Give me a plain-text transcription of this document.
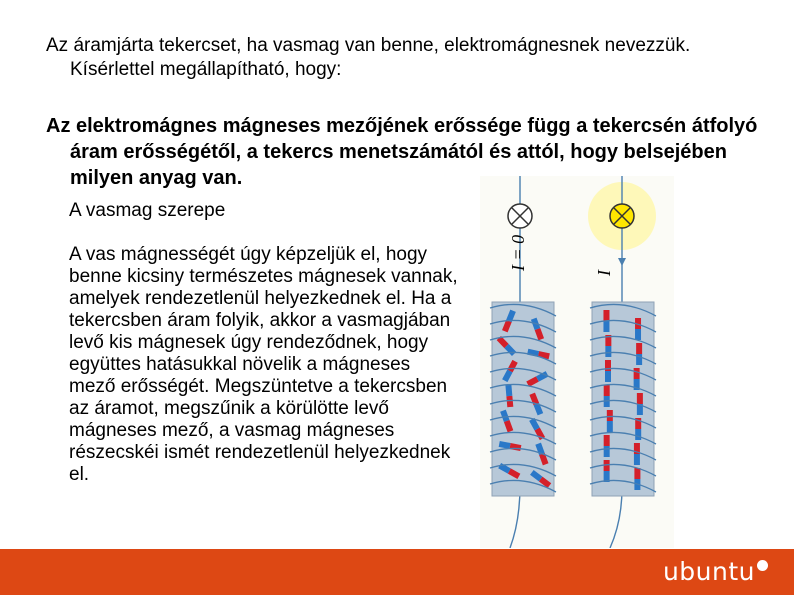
Az áramjárta tekercset, ha vasmag van benne, elektromágnesnek nevezzük. Kísérlettel megállapítható, hogy:

Az elektromágnes mágneses mezőjének erőssége függ a tekercsén átfolyó áram erősségétől, a tekercs menetszámától és attól, hogy belsejében milyen anyag van.

A vasmag szerepe

A vas mágnességét úgy képzeljük el, hogy benne kicsiny természetes mágnesek vannak, amelyek rendezetlenül helyezkednek el. Ha a tekercsben áram folyik, akkor a vasmagjában levő kis mágnesek úgy rendeződnek, hogy együttes hatásukkal növelik a mágneses mező erősségét. Megszüntetve a tekercsben az áramot, megszűnik a körülötte levő mágneses mező, a vasmag mágneses részecskéi ismét rendezetlenül helyezkednek el.

I = 0
I
ubuntu
